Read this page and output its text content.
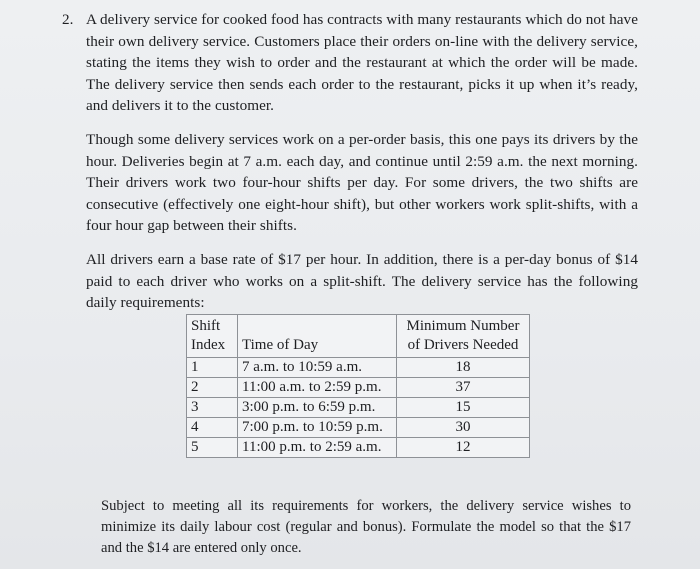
2. A delivery service for cooked food has contracts with many restaurants which do not have their own delivery service. Customers place their orders on-line with the delivery service, stating the items they wish to order and the restaurant at which the order will be made. The delivery service then sends each order to the restaurant, picks it up when it’s ready, and delivers it to the customer.

Though some delivery services work on a per-order basis, this one pays its drivers by the hour. Deliveries begin at 7 a.m. each day, and continue until 2:59 a.m. the next morning. Their drivers work two four-hour shifts per day. For some drivers, the two shifts are consecutive (effectively one eight-hour shift), but other workers work split-shifts, with a four hour gap between their shifts.

All drivers earn a base rate of $17 per hour. In addition, there is a per-day bonus of $14 paid to each driver who works on a split-shift. The delivery service has the following daily requirements:

Shift
Index	Time of Day	Minimum Number
of Drivers Needed

1	7 a.m. to 10:59 a.m.	18
2	11:00 a.m. to 2:59 p.m.	37
3	3:00 p.m. to 6:59 p.m.	15
4	7:00 p.m. to 10:59 p.m.	30
5	11:00 p.m. to 2:59 a.m.	12

Subject to meeting all its requirements for workers, the delivery service wishes to minimize its daily labour cost (regular and bonus). Formulate the model so that the $17 and the $14 are entered only once.
